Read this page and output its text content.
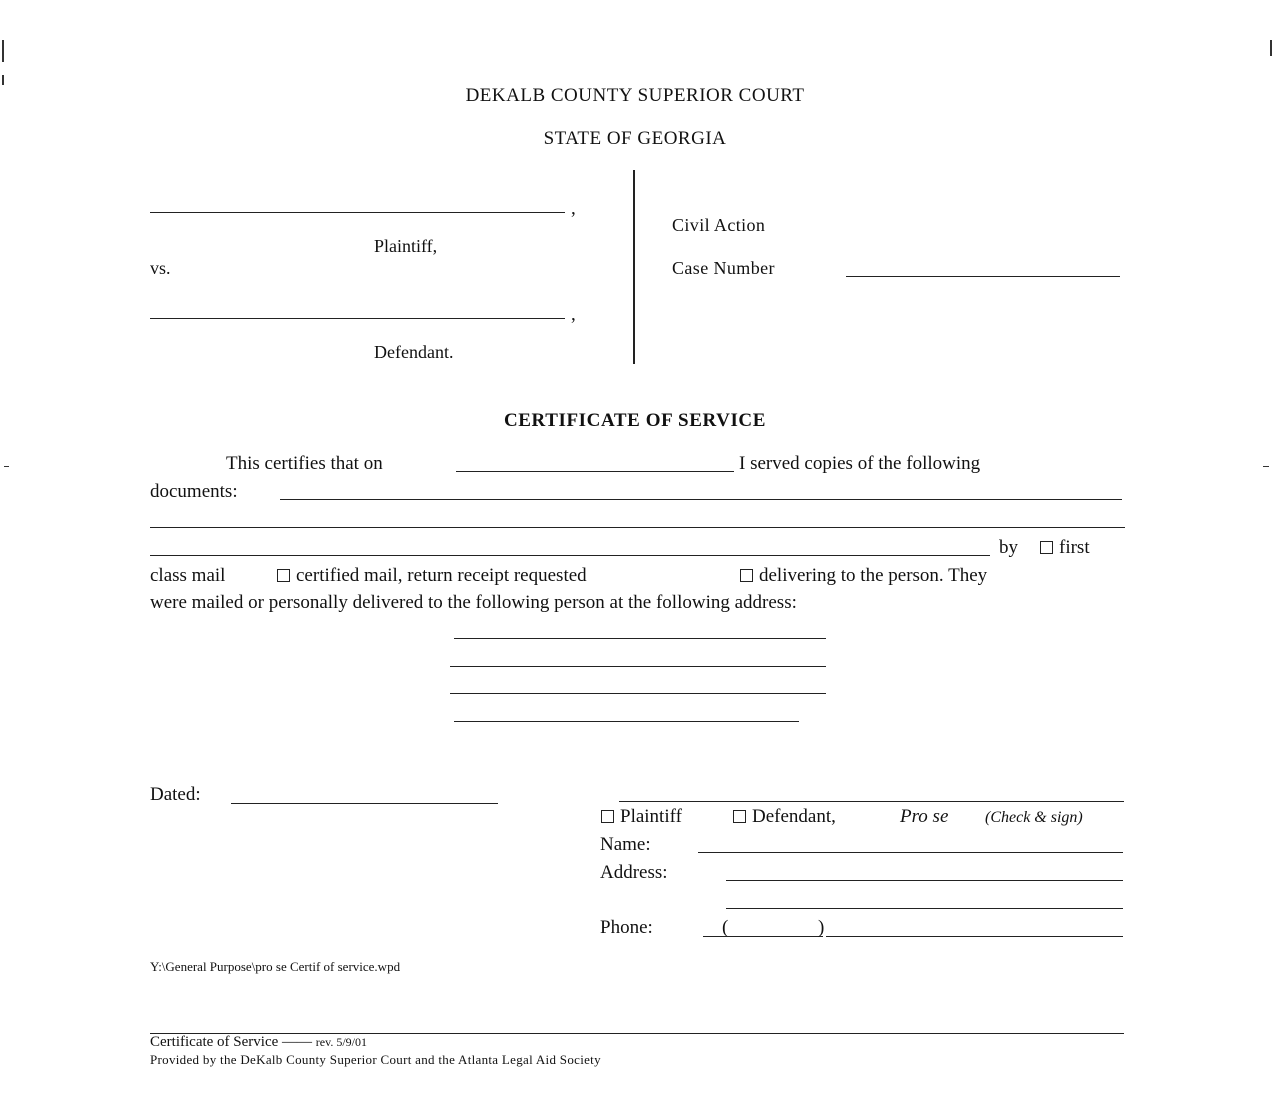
DEKALB COUNTY SUPERIOR COURT
STATE OF GEORGIA
,
Plaintiff,
vs.
,
Defendant.
Civil Action
Case Number
CERTIFICATE OF SERVICE
This certifies that on	I served copies of the following
documents:
by	first
class mail	certified mail, return receipt requested	delivering to the person. They
were mailed or personally delivered to the following person at the following address:
Dated:
Plaintiff	Defendant,	Pro se (Check & sign)
Name:
Address:
Phone:	(	)
Y:\General Purpose\pro se Certif of service.wpd
Certificate of Service —— rev. 5/9/01
Provided by the DeKalb County Superior Court and the Atlanta Legal Aid Society
